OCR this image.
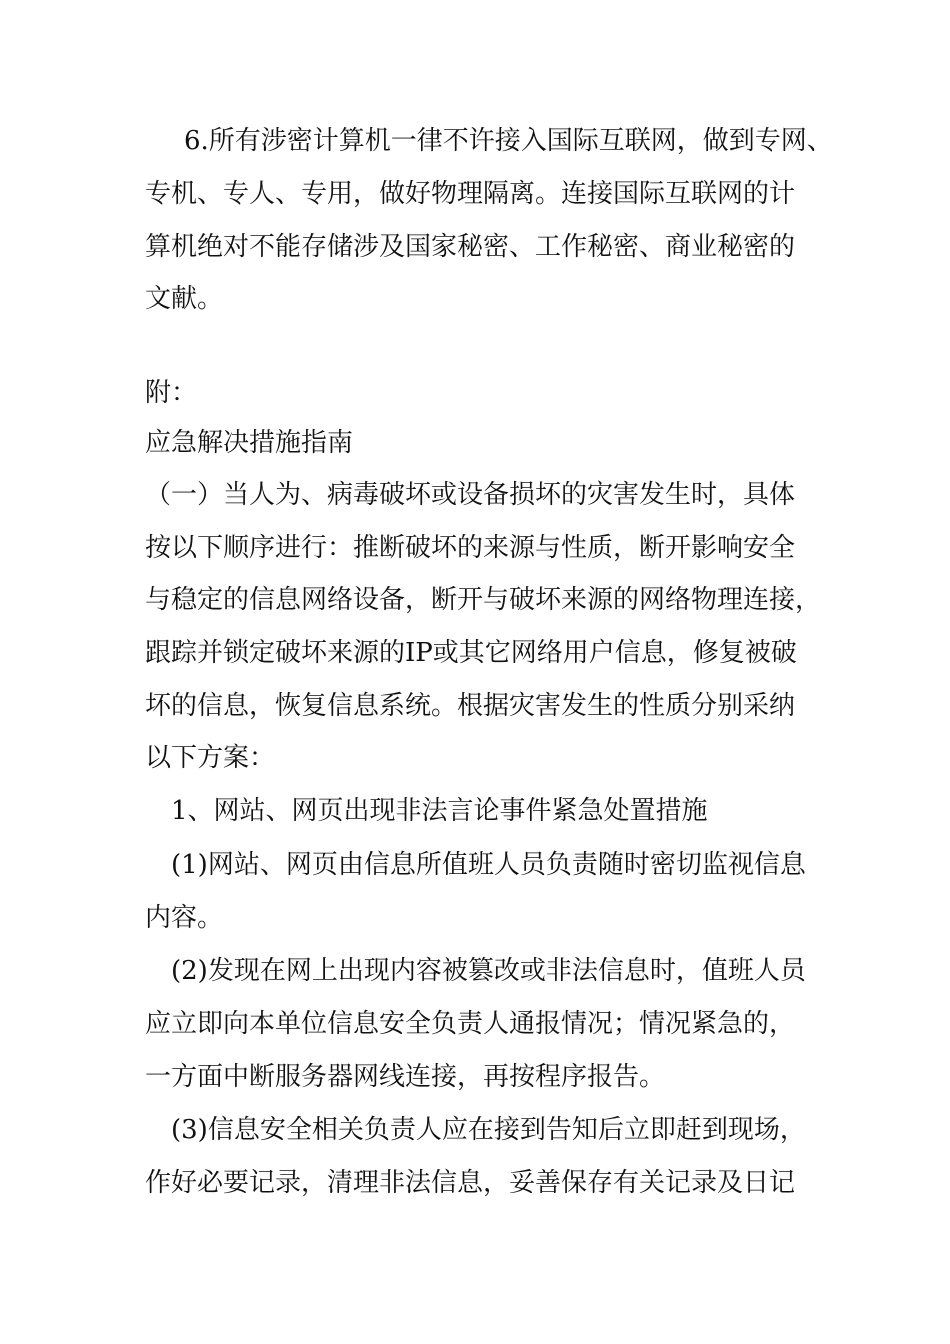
6.所有涉密计算机一律不许接入国际互联网，做到专网、
专机、专人、专用，做好物理隔离。连接国际互联网的计
算机绝对不能存储涉及国家秘密、工作秘密、商业秘密的
文献。
附：
应急解决措施指南
（一）当人为、病毒破坏或设备损坏的灾害发生时，具体
按以下顺序进行：推断破坏的来源与性质，断开影响安全
与稳定的信息网络设备，断开与破坏来源的网络物理连接，
跟踪并锁定破坏来源的IP或其它网络用户信息，修复被破
坏的信息，恢复信息系统。根据灾害发生的性质分别采纳
以下方案：
1、网站、网页出现非法言论事件紧急处置措施
(1)网站、网页由信息所值班人员负责随时密切监视信息
内容。
(2)发现在网上出现内容被篡改或非法信息时，值班人员
应立即向本单位信息安全负责人通报情况；情况紧急的，
一方面中断服务器网线连接，再按程序报告。
(3)信息安全相关负责人应在接到告知后立即赶到现场，
作好必要记录，清理非法信息，妥善保存有关记录及日记
